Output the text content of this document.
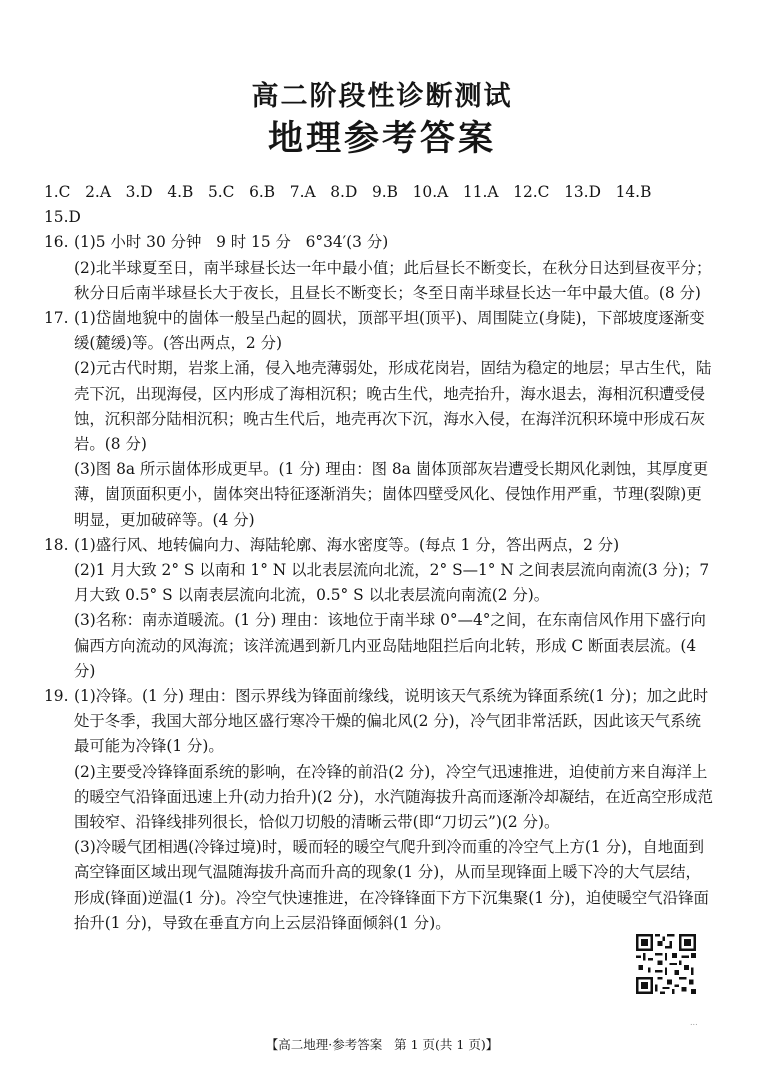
高二阶段性诊断测试
地理参考答案
1.C   2.A   3.D   4.B   5.C   6.B   7.A   8.D   9.B   10.A   11.A   12.C   13.D   14.B
15.D
16. (1)5 小时 30 分钟   9 时 15 分   6°34′(3 分)
(2)北半球夏至日，南半球昼长达一年中最小值；此后昼长不断变长，在秋分日达到昼夜平分；秋分日后南半球昼长大于夜长，且昼长不断变长；冬至日南半球昼长达一年中最大值。(8 分)
17. (1)岱崮地貌中的崮体一般呈凸起的圆状，顶部平坦(顶平)、周围陡立(身陡)，下部坡度逐渐变缓(麓缓)等。(答出两点，2 分)
(2)元古代时期，岩浆上涌，侵入地壳薄弱处，形成花岗岩，固结为稳定的地层；早古生代，陆壳下沉，出现海侵，区内形成了海相沉积；晚古生代，地壳抬升，海水退去，海相沉积遭受侵蚀，沉积部分陆相沉积；晚古生代后，地壳再次下沉，海水入侵，在海洋沉积环境中形成石灰岩。(8 分)
(3)图 8a 所示崮体形成更早。(1 分) 理由：图 8a 崮体顶部灰岩遭受长期风化剥蚀，其厚度更薄，崮顶面积更小，崮体突出特征逐渐消失；崮体四壁受风化、侵蚀作用严重，节理(裂隙)更明显，更加破碎等。(4 分)
18. (1)盛行风、地转偏向力、海陆轮廓、海水密度等。(每点 1 分，答出两点，2 分)
(2)1 月大致 2° S 以南和 1° N 以北表层流向北流，2° S—1° N 之间表层流向南流(3 分)；7 月大致 0.5° S 以南表层流向北流，0.5° S 以北表层流向南流(2 分)。
(3)名称：南赤道暖流。(1 分) 理由：该地位于南半球 0°—4°之间，在东南信风作用下盛行向偏西方向流动的风海流；该洋流遇到新几内亚岛陆地阻拦后向北转，形成 C 断面表层流。(4 分)
19. (1)冷锋。(1 分) 理由：图示界线为锋面前缘线，说明该天气系统为锋面系统(1 分)；加之此时处于冬季，我国大部分地区盛行寒冷干燥的偏北风(2 分)，冷气团非常活跃，因此该天气系统最可能为冷锋(1 分)。
(2)主要受冷锋锋面系统的影响，在冷锋的前沿(2 分)，冷空气迅速推进，迫使前方来自海洋上的暖空气沿锋面迅速上升(动力抬升)(2 分)，水汽随海拔升高而逐渐冷却凝结，在近高空形成范围较窄、沿锋线排列很长，恰似刀切般的清晰云带(即“刀切云”)(2 分)。
(3)冷暖气团相遇(冷锋过境)时，暖而轻的暖空气爬升到冷而重的冷空气上方(1 分)，自地面到高空锋面区域出现气温随海拔升高而升高的现象(1 分)，从而呈现锋面上暖下冷的大气层结，形成(锋面)逆温(1 分)。冷空气快速推进，在冷锋锋面下方下沉集聚(1 分)，迫使暖空气沿锋面抬升(1 分)，导致在垂直方向上云层沿锋面倾斜(1 分)。
【高二地理·参考答案   第 1 页(共 1 页)】
...
